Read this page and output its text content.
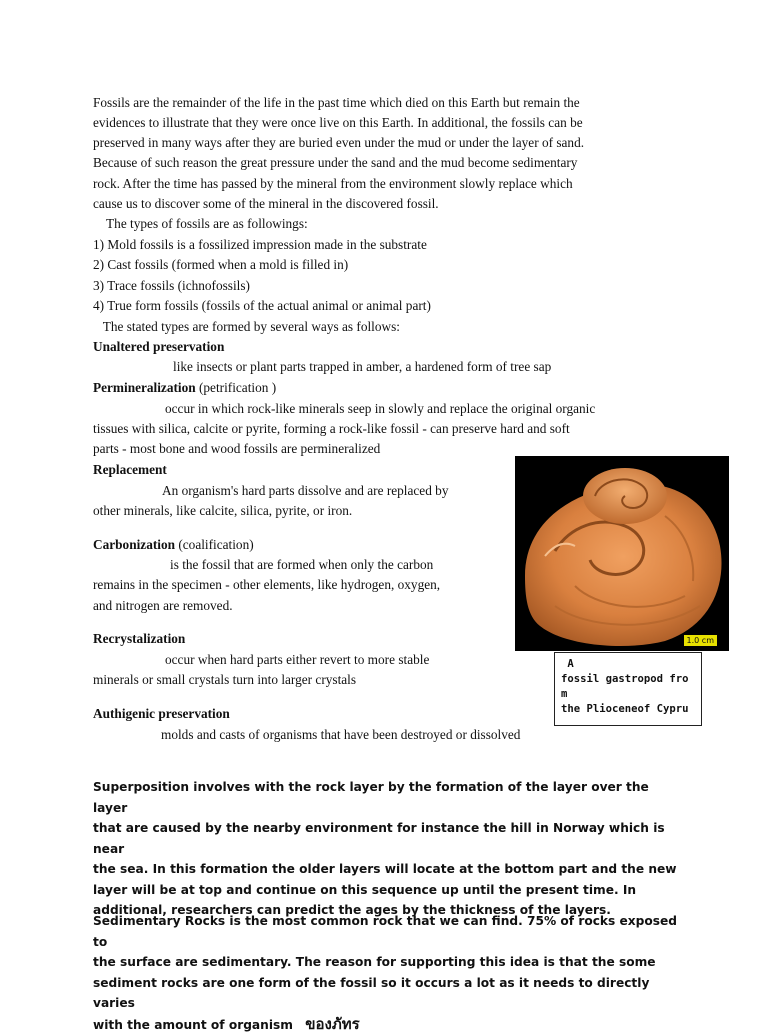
Fossils are the remainder of the life in the past time which died on this Earth but remain the
evidences to illustrate that they were once live on this Earth. In additional, the fossils can be
preserved in many ways after they are buried even under the mud or under the layer of sand.
Because of such reason the great pressure under the sand and the mud become sedimentary
rock. After the time has passed by the mineral from the environment slowly replace which
cause us to discover some of the mineral in the discovered fossil.
The types of fossils are as followings:
1) Mold fossils is a fossilized impression made in the substrate
2) Cast fossils (formed when a mold is filled in)
3) Trace fossils (ichnofossils)
4) True form fossils (fossils of the actual animal or animal part)
The stated types are formed by several ways as follows:
Unaltered preservation
like insects or plant parts trapped in amber, a hardened form of tree sap
Permineralization (petrification )
occur in which rock-like minerals seep in slowly and replace the original organic
tissues with silica, calcite or pyrite, forming a rock-like fossil - can preserve hard and soft
parts - most bone and wood fossils are permineralized
Replacement
An organism's hard parts dissolve and are replaced by
other minerals, like calcite, silica, pyrite, or iron.
Carbonization (coalification)
is the fossil that are formed when only the carbon
remains in the specimen - other elements, like hydrogen, oxygen,
and nitrogen are removed.
Recrystalization
occur when hard parts either revert to more stable
minerals or small crystals turn into larger crystals
Authigenic preservation
molds and casts of organisms that have been destroyed or dissolved
1.0 cm
A
fossil gastropod fro
m
the Plioceneof Cypru
Superposition involves with the rock layer by the formation of the layer over the layer
that are caused by the nearby environment for instance the hill in Norway which is near
the sea. In this formation the older layers will locate at the bottom part and the new
layer will be at top and continue on this sequence up until the present time. In
additional, researchers can predict the ages by the thickness of the layers.
Sedimentary Rocks is the most common rock that we can find. 75% of rocks exposed to
the surface are sedimentary. The reason for supporting this idea is that the some
sediment rocks are one form of the fossil so it occurs a lot as it needs to directly varies
with the amount of organism ของภัทร
